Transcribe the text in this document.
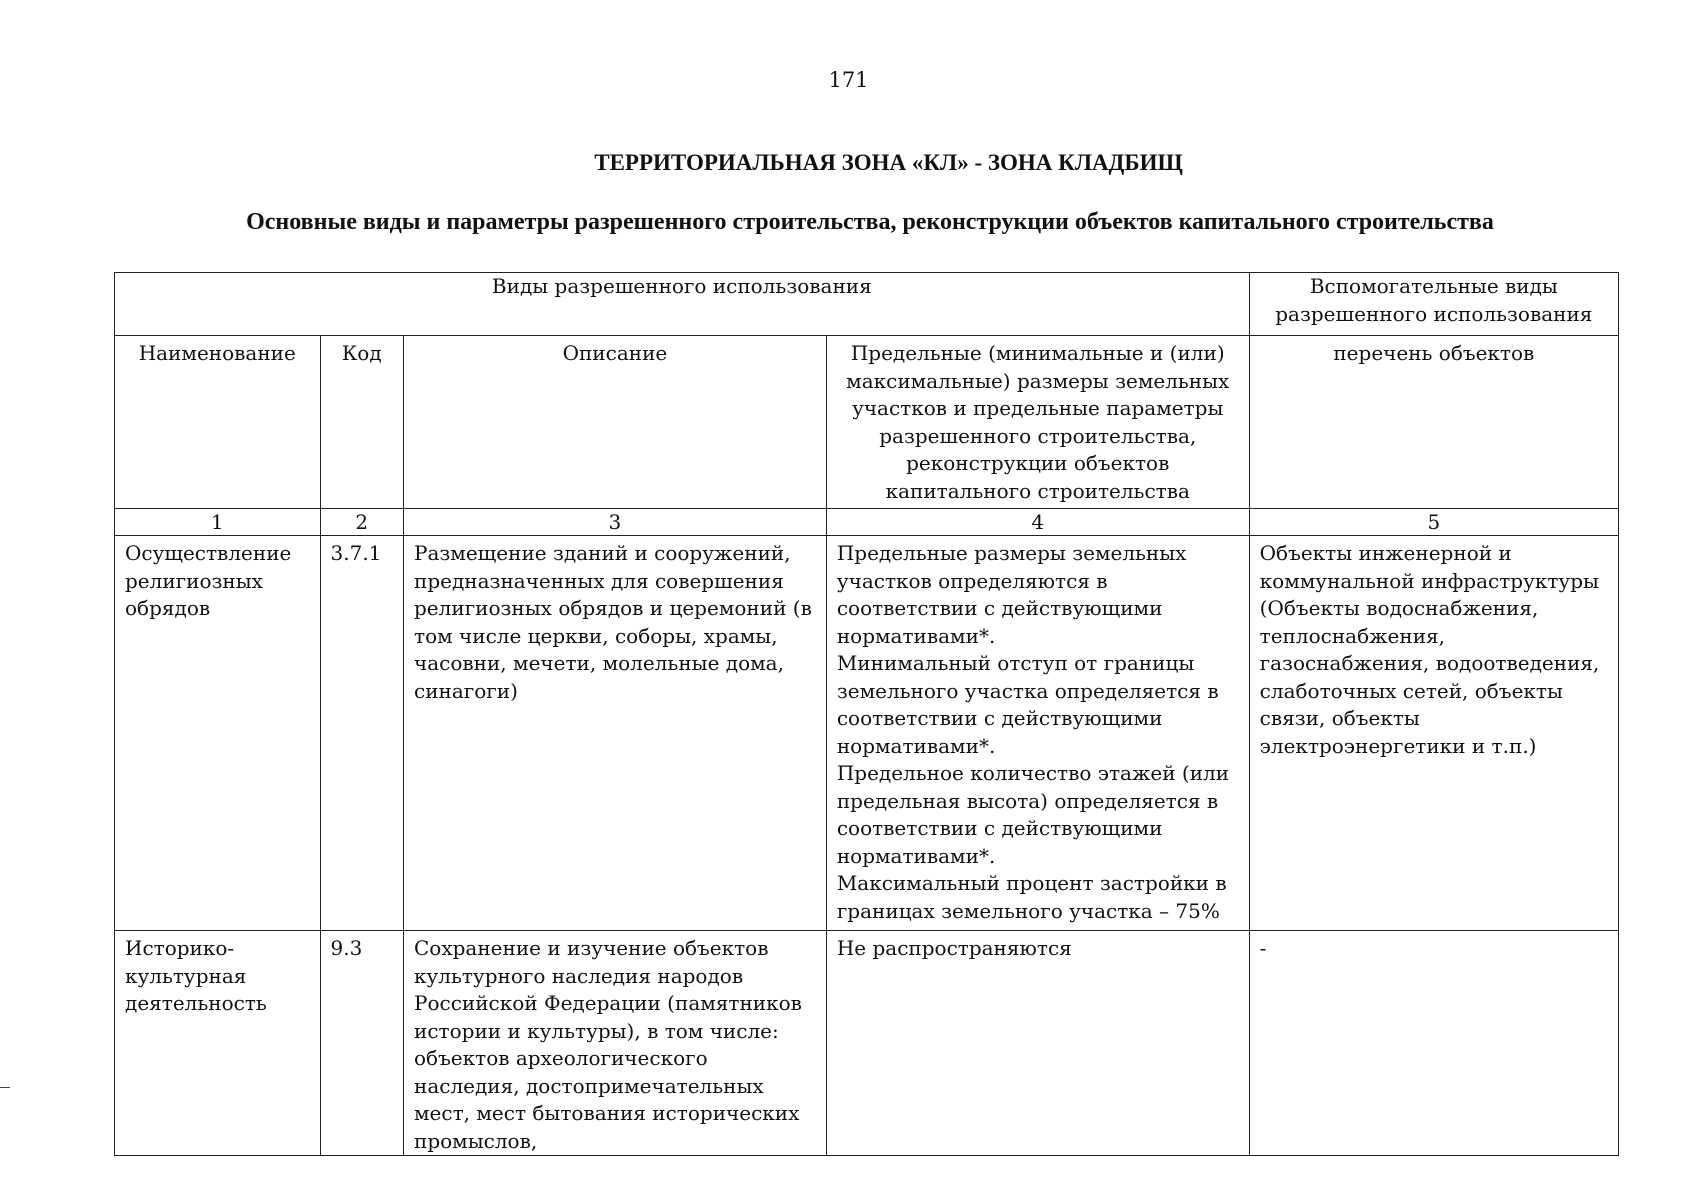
171
ТЕРРИТОРИАЛЬНАЯ ЗОНА «КЛ» - ЗОНА КЛАДБИЩ
Основные виды и параметры разрешенного строительства, реконструкции объектов капитального строительства
Виды разрешенного использования				Вспомогательные виды разрешенного использования
Наименование	Код	Описание	Предельные (минимальные и (или) максимальные) размеры земельных участков и предельные параметры разрешенного строительства, реконструкции объектов капитального строительства	перечень объектов
1	2	3	4	5
Осуществление религиозных обрядов	3.7.1	Размещение зданий и сооружений, предназначенных для совершения религиозных обрядов и церемоний (в том числе церкви, соборы, храмы, часовни, мечети, молельные дома, синагоги)	Предельные размеры земельных участков определяются в соответствии с действующими нормативами*.
Минимальный отступ от границы земельного участка определяется в соответствии с действующими нормативами*.
Предельное количество этажей (или предельная высота) определяется в соответствии с действующими нормативами*.
Максимальный процент застройки в границах земельного участка – 75%	Объекты инженерной и коммунальной инфраструктуры (Объекты водоснабжения, теплоснабжения, газоснабжения, водоотведения, слаботочных сетей, объекты связи, объекты электроэнергетики и т.п.)
Историко-культурная деятельность	9.3	Сохранение и изучение объектов культурного наследия народов Российской Федерации (памятников истории и культуры), в том числе: объектов археологического наследия, достопримечательных мест, мест бытования исторических промыслов,	Не распространяются	-
